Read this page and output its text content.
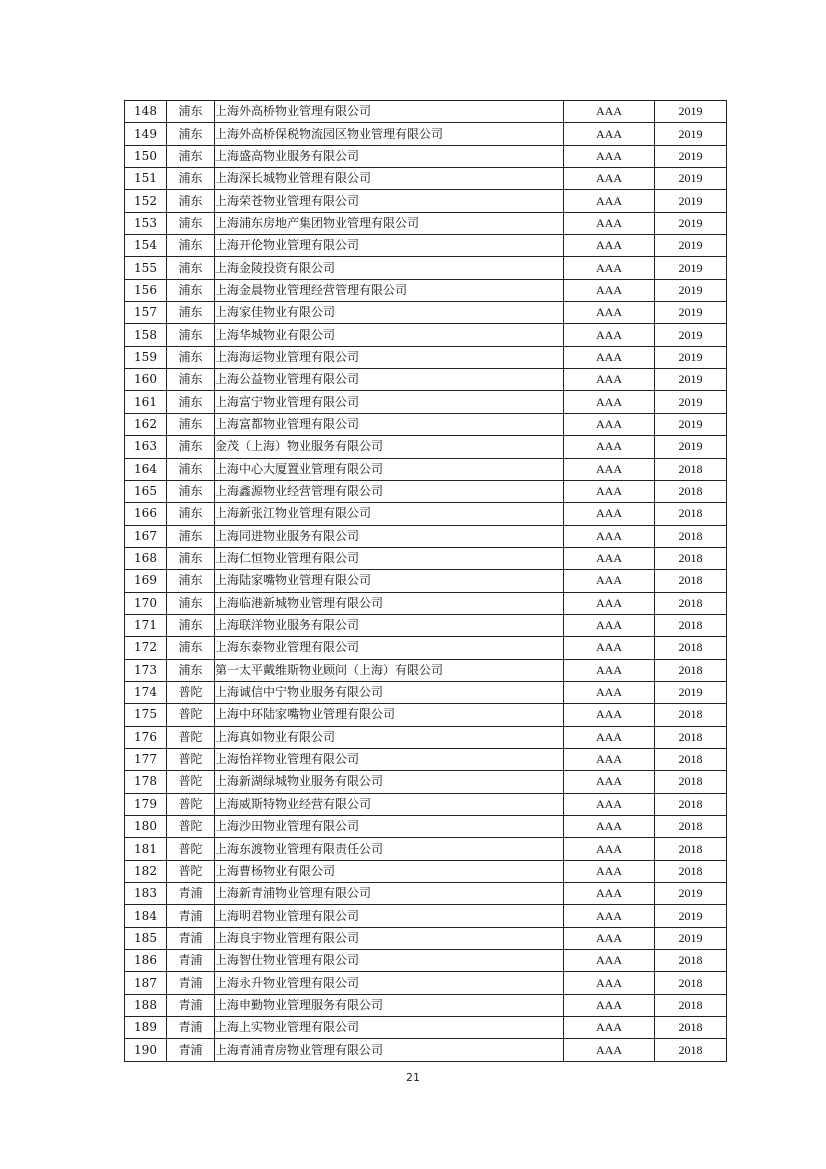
148	浦东	上海外高桥物业管理有限公司	AAA	2019
149	浦东	上海外高桥保税物流园区物业管理有限公司	AAA	2019
150	浦东	上海盛高物业服务有限公司	AAA	2019
151	浦东	上海深长城物业管理有限公司	AAA	2019
152	浦东	上海荣苍物业管理有限公司	AAA	2019
153	浦东	上海浦东房地产集团物业管理有限公司	AAA	2019
154	浦东	上海开伦物业管理有限公司	AAA	2019
155	浦东	上海金陵投资有限公司	AAA	2019
156	浦东	上海金晨物业管理经营管理有限公司	AAA	2019
157	浦东	上海家佳物业有限公司	AAA	2019
158	浦东	上海华城物业有限公司	AAA	2019
159	浦东	上海海运物业管理有限公司	AAA	2019
160	浦东	上海公益物业管理有限公司	AAA	2019
161	浦东	上海富宁物业管理有限公司	AAA	2019
162	浦东	上海富都物业管理有限公司	AAA	2019
163	浦东	金茂（上海）物业服务有限公司	AAA	2019
164	浦东	上海中心大厦置业管理有限公司	AAA	2018
165	浦东	上海鑫源物业经营管理有限公司	AAA	2018
166	浦东	上海新张江物业管理有限公司	AAA	2018
167	浦东	上海同进物业服务有限公司	AAA	2018
168	浦东	上海仁恒物业管理有限公司	AAA	2018
169	浦东	上海陆家嘴物业管理有限公司	AAA	2018
170	浦东	上海临港新城物业管理有限公司	AAA	2018
171	浦东	上海联洋物业服务有限公司	AAA	2018
172	浦东	上海东泰物业管理有限公司	AAA	2018
173	浦东	第一太平戴维斯物业顾问（上海）有限公司	AAA	2018
174	普陀	上海诚信中宁物业服务有限公司	AAA	2019
175	普陀	上海中环陆家嘴物业管理有限公司	AAA	2018
176	普陀	上海真如物业有限公司	AAA	2018
177	普陀	上海怡祥物业管理有限公司	AAA	2018
178	普陀	上海新湖绿城物业服务有限公司	AAA	2018
179	普陀	上海威斯特物业经营有限公司	AAA	2018
180	普陀	上海沙田物业管理有限公司	AAA	2018
181	普陀	上海东渡物业管理有限责任公司	AAA	2018
182	普陀	上海曹杨物业有限公司	AAA	2018
183	青浦	上海新青浦物业管理有限公司	AAA	2019
184	青浦	上海明君物业管理有限公司	AAA	2019
185	青浦	上海良宇物业管理有限公司	AAA	2019
186	青浦	上海智仕物业管理有限公司	AAA	2018
187	青浦	上海永升物业管理有限公司	AAA	2018
188	青浦	上海申勤物业管理服务有限公司	AAA	2018
189	青浦	上海上实物业管理有限公司	AAA	2018
190	青浦	上海青浦青房物业管理有限公司	AAA	2018
21
